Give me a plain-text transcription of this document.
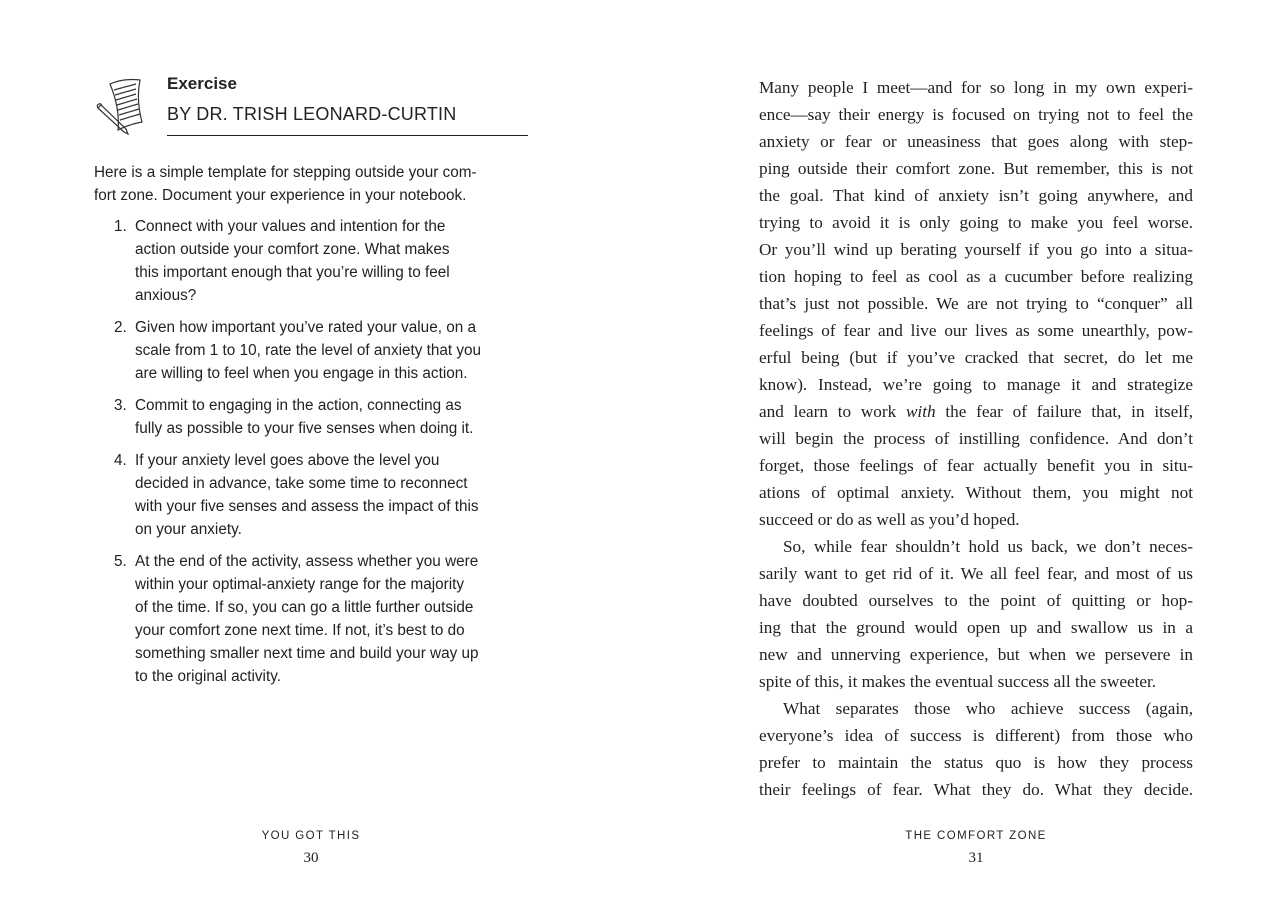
Exercise
BY DR. TRISH LEONARD-CURTIN

Here is a simple template for stepping outside your com-
fort zone. Document your experience in your notebook.

1. Connect with your values and intention for the
action outside your comfort zone. What makes
this important enough that you’re willing to feel
anxious?
2. Given how important you’ve rated your value, on a
scale from 1 to 10, rate the level of anxiety that you
are willing to feel when you engage in this action.
3. Commit to engaging in the action, connecting as
fully as possible to your five senses when doing it.
4. If your anxiety level goes above the level you
decided in advance, take some time to reconnect
with your five senses and assess the impact of this
on your anxiety.
5. At the end of the activity, assess whether you were
within your optimal-anxiety range for the majority
of the time. If so, you can go a little further outside
your comfort zone next time. If not, it’s best to do
something smaller next time and build your way up
to the original activity.
YOU GOT THIS
30
Many people I meet—and for so long in my own experi-
ence—say their energy is focused on trying not to feel the
anxiety or fear or uneasiness that goes along with step-
ping outside their comfort zone. But remember, this is not
the goal. That kind of anxiety isn’t going anywhere, and
trying to avoid it is only going to make you feel worse.
Or you’ll wind up berating yourself if you go into a situa-
tion hoping to feel as cool as a cucumber before realizing
that’s just not possible. We are not trying to “conquer” all
feelings of fear and live our lives as some unearthly, pow-
erful being (but if you’ve cracked that secret, do let me
know). Instead, we’re going to manage it and strategize
and learn to work with the fear of failure that, in itself,
will begin the process of instilling confidence. And don’t
forget, those feelings of fear actually benefit you in situ-
ations of optimal anxiety. Without them, you might not
succeed or do as well as you’d hoped.
So, while fear shouldn’t hold us back, we don’t neces-
sarily want to get rid of it. We all feel fear, and most of us
have doubted ourselves to the point of quitting or hop-
ing that the ground would open up and swallow us in a
new and unnerving experience, but when we persevere in
spite of this, it makes the eventual success all the sweeter.
What separates those who achieve success (again,
everyone’s idea of success is different) from those who
prefer to maintain the status quo is how they process
their feelings of fear. What they do. What they decide.
THE COMFORT ZONE
31
